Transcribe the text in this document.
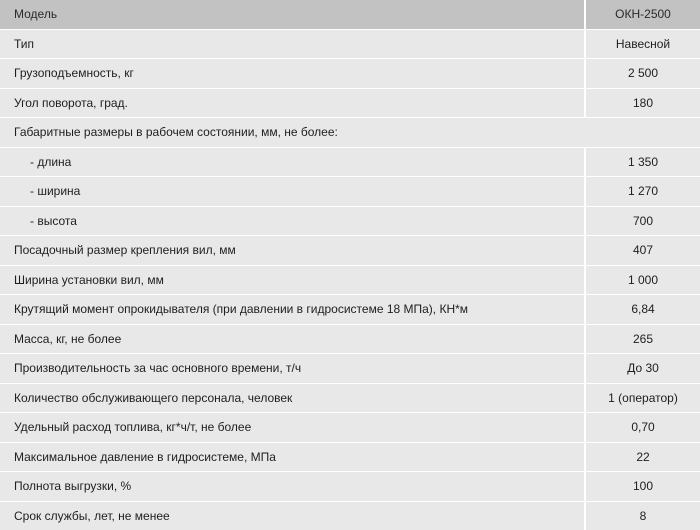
Модель	ОКН-2500
Тип	Навесной
Грузоподъемность, кг	2 500
Угол поворота, град.	180
Габаритные размеры в рабочем состоянии, мм, не более:
- длина	1 350
- ширина	1 270
- высота	700
Посадочный размер крепления вил, мм	407
Ширина установки вил, мм	1 000
Крутящий момент опрокидывателя (при давлении в гидросистеме 18 МПа), КН*м	6,84
Масса, кг, не более	265
Производительность за час основного времени, т/ч	До 30
Количество обслуживающего персонала, человек	1 (оператор)
Удельный расход топлива, кг*ч/т, не более	0,70
Максимальное давление в гидросистеме, МПа	22
Полнота выгрузки, %	100
Срок службы, лет, не менее	8
